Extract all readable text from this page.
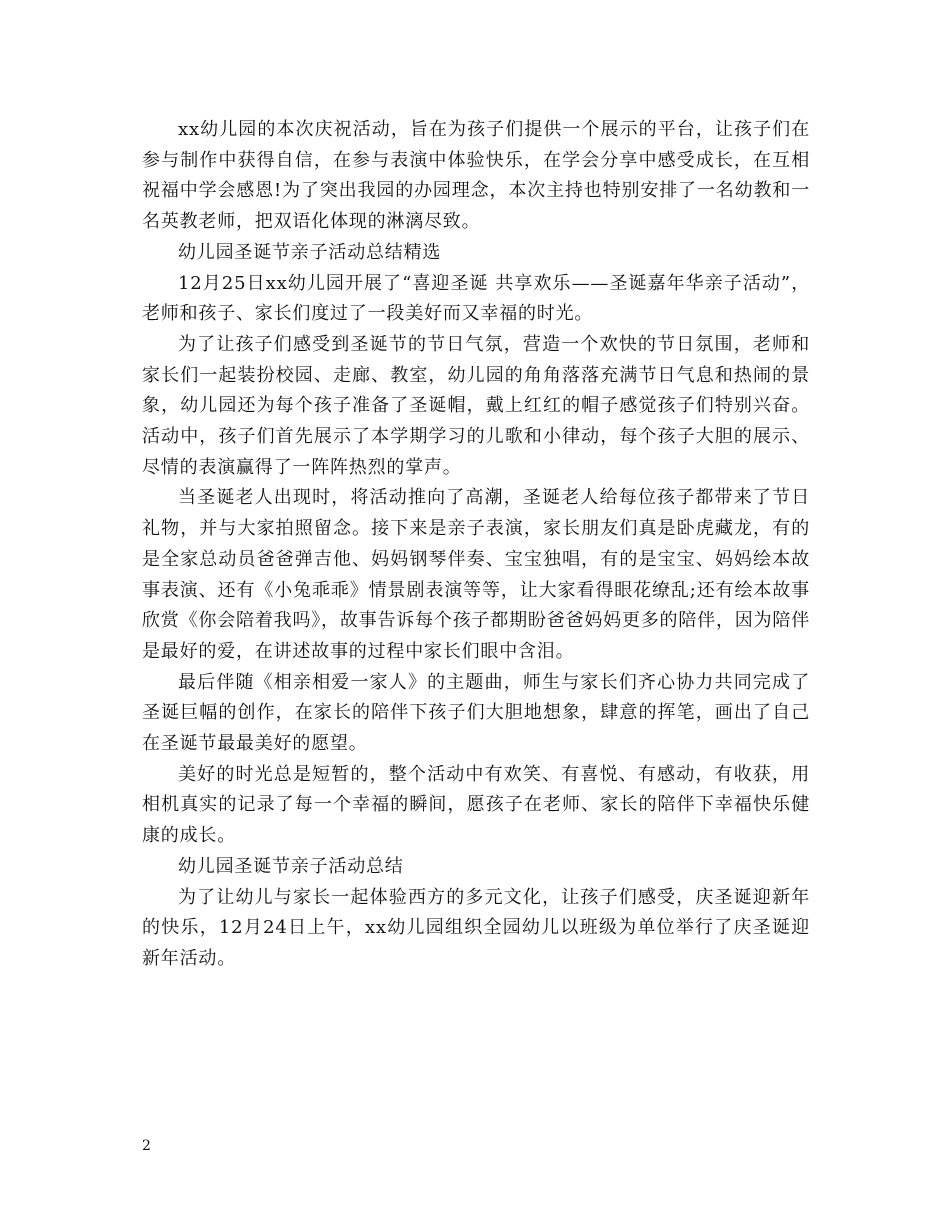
xx幼儿园的本次庆祝活动，旨在为孩子们提供一个展示的平台，让孩子们在参与制作中获得自信，在参与表演中体验快乐，在学会分享中感受成长，在互相祝福中学会感恩!为了突出我园的办园理念，本次主持也特别安排了一名幼教和一名英教老师，把双语化体现的淋漓尽致。

幼儿园圣诞节亲子活动总结精选

12月25日xx幼儿园开展了“喜迎圣诞 共享欢乐——圣诞嘉年华亲子活动”，老师和孩子、家长们度过了一段美好而又幸福的时光。

为了让孩子们感受到圣诞节的节日气氛，营造一个欢快的节日氛围，老师和家长们一起装扮校园、走廊、教室，幼儿园的角角落落充满节日气息和热闹的景象，幼儿园还为每个孩子准备了圣诞帽，戴上红红的帽子感觉孩子们特别兴奋。活动中，孩子们首先展示了本学期学习的儿歌和小律动，每个孩子大胆的展示、尽情的表演赢得了一阵阵热烈的掌声。

当圣诞老人出现时，将活动推向了高潮，圣诞老人给每位孩子都带来了节日礼物，并与大家拍照留念。接下来是亲子表演，家长朋友们真是卧虎藏龙，有的是全家总动员爸爸弹吉他、妈妈钢琴伴奏、宝宝独唱，有的是宝宝、妈妈绘本故事表演、还有《小兔乖乖》情景剧表演等等，让大家看得眼花缭乱;还有绘本故事欣赏《你会陪着我吗》，故事告诉每个孩子都期盼爸爸妈妈更多的陪伴，因为陪伴是最好的爱，在讲述故事的过程中家长们眼中含泪。

最后伴随《相亲相爱一家人》的主题曲，师生与家长们齐心协力共同完成了圣诞巨幅的创作，在家长的陪伴下孩子们大胆地想象，肆意的挥笔，画出了自己在圣诞节最最美好的愿望。

美好的时光总是短暂的，整个活动中有欢笑、有喜悦、有感动，有收获，用相机真实的记录了每一个幸福的瞬间，愿孩子在老师、家长的陪伴下幸福快乐健康的成长。

幼儿园圣诞节亲子活动总结

为了让幼儿与家长一起体验西方的多元文化，让孩子们感受，庆圣诞迎新年的快乐，12月24日上午，xx幼儿园组织全园幼儿以班级为单位举行了庆圣诞迎新年活动。

2
